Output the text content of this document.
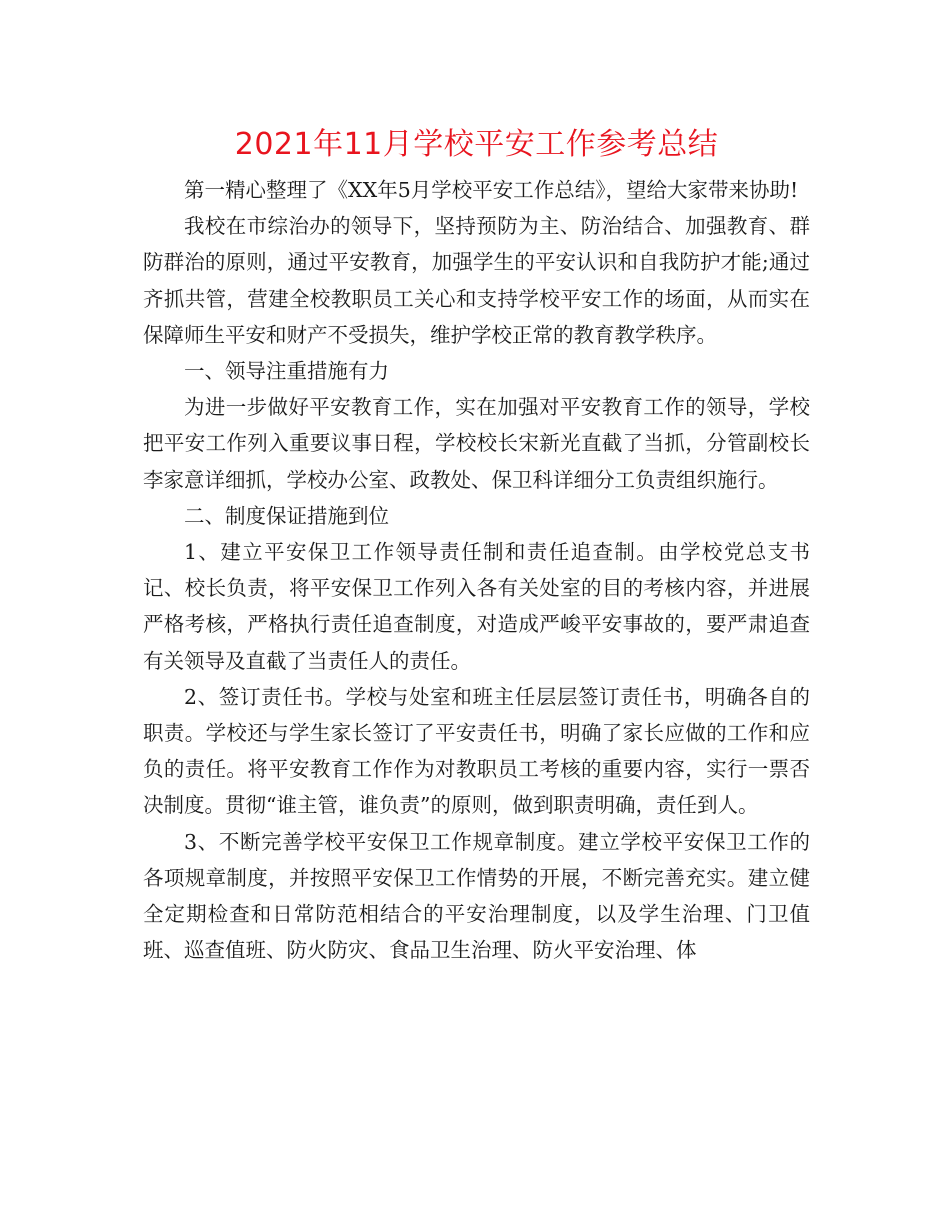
2021年11月学校平安工作参考总结

第一精心整理了《XX年5月学校平安工作总结》，望给大家带来协助!

我校在市综治办的领导下，坚持预防为主、防治结合、加强教育、群防群治的原则，通过平安教育，加强学生的平安认识和自我防护才能;通过齐抓共管，营建全校教职员工关心和支持学校平安工作的场面，从而实在保障师生平安和财产不受损失，维护学校正常的教育教学秩序。

一、领导注重措施有力

为进一步做好平安教育工作，实在加强对平安教育工作的领导，学校把平安工作列入重要议事日程，学校校长宋新光直截了当抓，分管副校长李家意详细抓，学校办公室、政教处、保卫科详细分工负责组织施行。

二、制度保证措施到位

1、建立平安保卫工作领导责任制和责任追查制。由学校党总支书记、校长负责，将平安保卫工作列入各有关处室的目的考核内容，并进展严格考核，严格执行责任追查制度，对造成严峻平安事故的，要严肃追查有关领导及直截了当责任人的责任。

2、签订责任书。学校与处室和班主任层层签订责任书，明确各自的职责。学校还与学生家长签订了平安责任书，明确了家长应做的工作和应负的责任。将平安教育工作作为对教职员工考核的重要内容，实行一票否决制度。贯彻“谁主管，谁负责”的原则，做到职责明确，责任到人。

3、不断完善学校平安保卫工作规章制度。建立学校平安保卫工作的各项规章制度，并按照平安保卫工作情势的开展，不断完善充实。建立健全定期检查和日常防范相结合的平安治理制度，以及学生治理、门卫值班、巡查值班、防火防灾、食品卫生治理、防火平安治理、体
